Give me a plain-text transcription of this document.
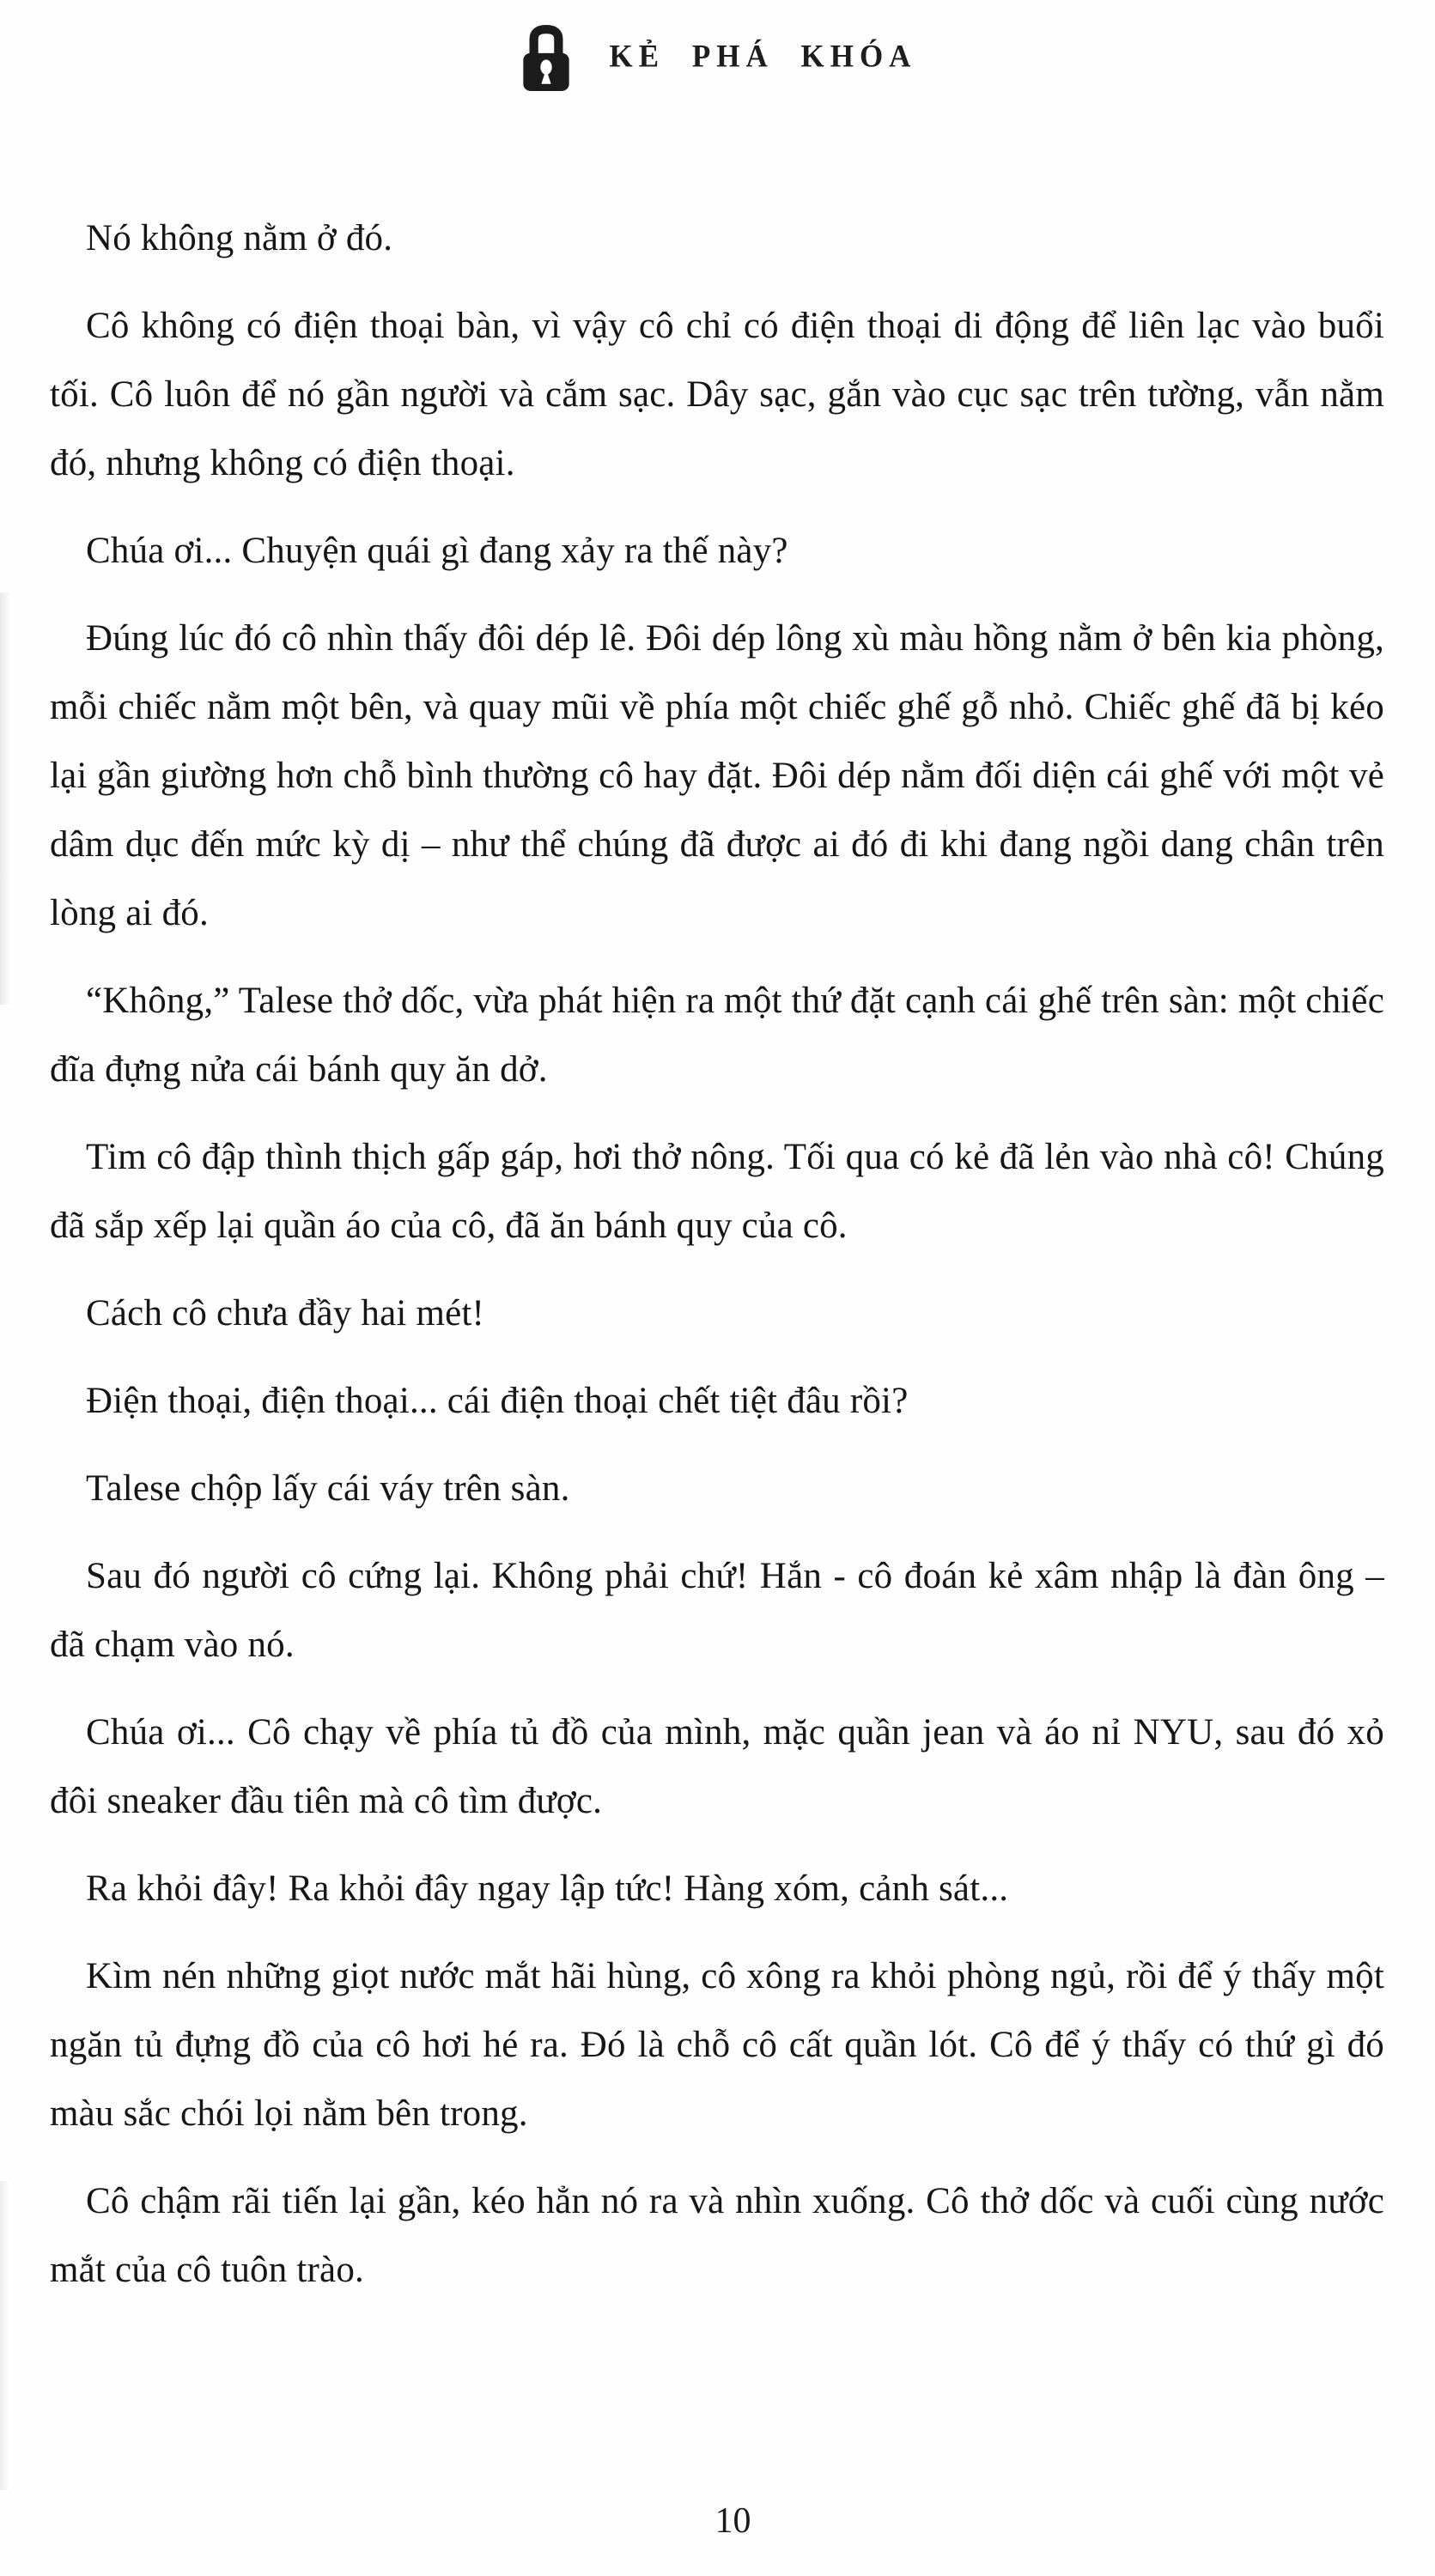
KẺ PHÁ KHÓA

Nó không nằm ở đó.

Cô không có điện thoại bàn, vì vậy cô chỉ có điện thoại di động để liên lạc vào buổi tối. Cô luôn để nó gần người và cắm sạc. Dây sạc, gắn vào cục sạc trên tường, vẫn nằm đó, nhưng không có điện thoại.

Chúa ơi... Chuyện quái gì đang xảy ra thế này?

Đúng lúc đó cô nhìn thấy đôi dép lê. Đôi dép lông xù màu hồng nằm ở bên kia phòng, mỗi chiếc nằm một bên, và quay mũi về phía một chiếc ghế gỗ nhỏ. Chiếc ghế đã bị kéo lại gần giường hơn chỗ bình thường cô hay đặt. Đôi dép nằm đối diện cái ghế với một vẻ dâm dục đến mức kỳ dị – như thể chúng đã được ai đó đi khi đang ngồi dang chân trên lòng ai đó.

“Không,” Talese thở dốc, vừa phát hiện ra một thứ đặt cạnh cái ghế trên sàn: một chiếc đĩa đựng nửa cái bánh quy ăn dở.

Tim cô đập thình thịch gấp gáp, hơi thở nông. Tối qua có kẻ đã lẻn vào nhà cô! Chúng đã sắp xếp lại quần áo của cô, đã ăn bánh quy của cô.

Cách cô chưa đầy hai mét!

Điện thoại, điện thoại... cái điện thoại chết tiệt đâu rồi?

Talese chộp lấy cái váy trên sàn.

Sau đó người cô cứng lại. Không phải chứ! Hắn - cô đoán kẻ xâm nhập là đàn ông – đã chạm vào nó.

Chúa ơi... Cô chạy về phía tủ đồ của mình, mặc quần jean và áo nỉ NYU, sau đó xỏ đôi sneaker đầu tiên mà cô tìm được.

Ra khỏi đây! Ra khỏi đây ngay lập tức! Hàng xóm, cảnh sát...

Kìm nén những giọt nước mắt hãi hùng, cô xông ra khỏi phòng ngủ, rồi để ý thấy một ngăn tủ đựng đồ của cô hơi hé ra. Đó là chỗ cô cất quần lót. Cô để ý thấy có thứ gì đó màu sắc chói lọi nằm bên trong.

Cô chậm rãi tiến lại gần, kéo hẳn nó ra và nhìn xuống. Cô thở dốc và cuối cùng nước mắt của cô tuôn trào.

10
